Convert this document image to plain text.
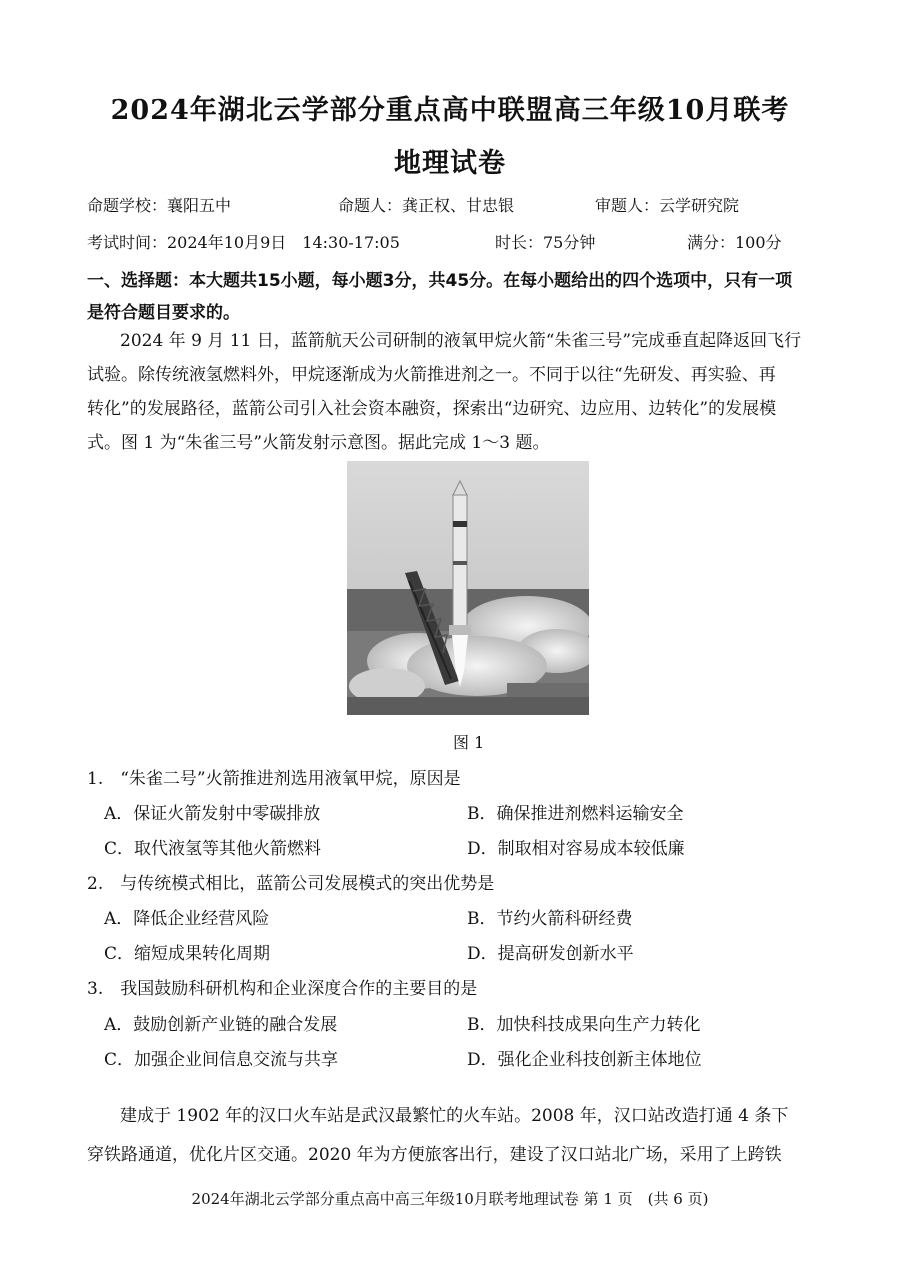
2024年湖北云学部分重点高中联盟高三年级10月联考
地理试卷
命题学校：襄阳五中	命题人：龚正权、甘忠银	审题人：云学研究院
考试时间：2024年10月9日　14:30-17:05	时长：75分钟	满分：100分
一、选择题：本大题共15小题，每小题3分，共45分。在每小题给出的四个选项中，只有一项
是符合题目要求的。
2024 年 9 月 11 日，蓝箭航天公司研制的液氧甲烷火箭“朱雀三号”完成垂直起降返回飞行
试验。除传统液氢燃料外，甲烷逐渐成为火箭推进剂之一。不同于以往“先研发、再实验、再
转化”的发展路径，蓝箭公司引入社会资本融资，探索出“边研究、边应用、边转化”的发展模
式。图 1 为“朱雀三号”火箭发射示意图。据此完成 1～3 题。
图 1
1.　“朱雀二号”火箭推进剂选用液氧甲烷，原因是
A．保证火箭发射中零碳排放	B．确保推进剂燃料运输安全
C．取代液氢等其他火箭燃料	D．制取相对容易成本较低廉
2.　与传统模式相比，蓝箭公司发展模式的突出优势是
A．降低企业经营风险	B．节约火箭科研经费
C．缩短成果转化周期	D．提高研发创新水平
3.　我国鼓励科研机构和企业深度合作的主要目的是
A．鼓励创新产业链的融合发展	B．加快科技成果向生产力转化
C．加强企业间信息交流与共享	D．强化企业科技创新主体地位
建成于 1902 年的汉口火车站是武汉最繁忙的火车站。2008 年，汉口站改造打通 4 条下
穿铁路通道，优化片区交通。2020 年为方便旅客出行，建设了汉口站北广场，采用了上跨铁
2024年湖北云学部分重点高中高三年级10月联考地理试卷 第 1 页　(共 6 页)
